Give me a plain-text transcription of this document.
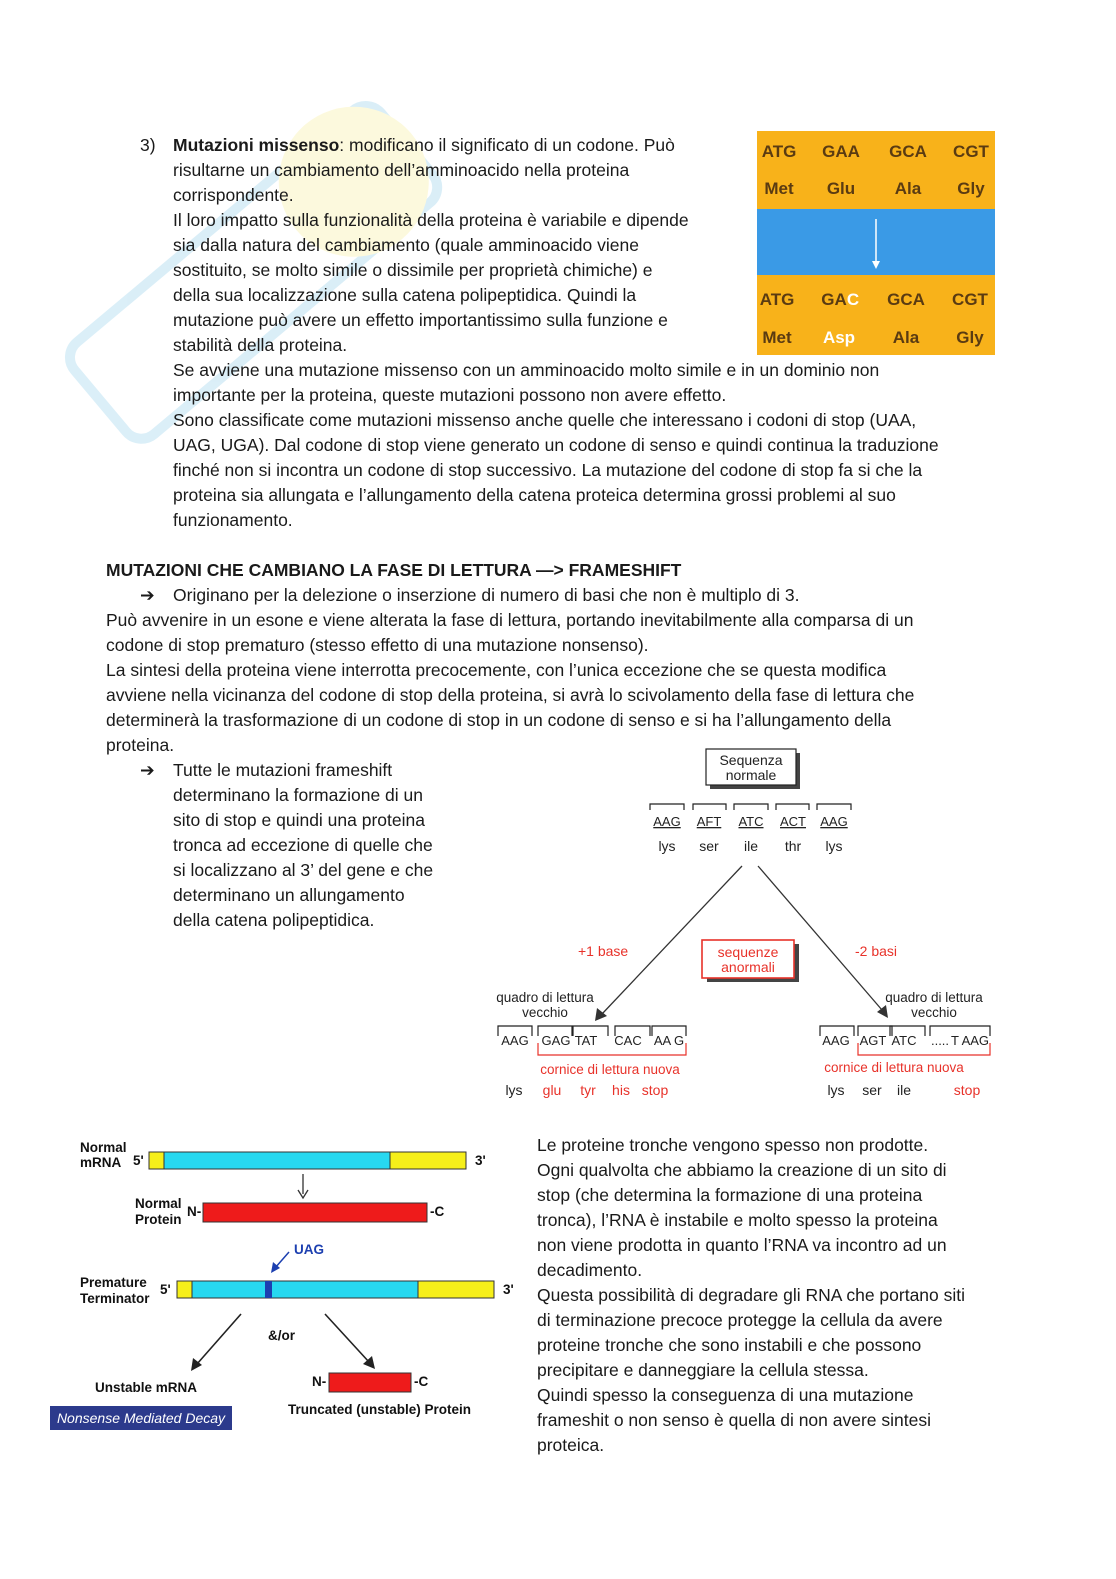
3) Mutazioni missenso: modificano il significato di un codone. Può
risultarne un cambiamento dell’amminoacido nella proteina
corrispondente.
Il loro impatto sulla funzionalità della proteina è variabile e dipende
sia dalla natura del cambiamento (quale amminoacido viene
sostituito, se molto simile o dissimile per proprietà chimiche) e
della sua localizzazione sulla catena polipeptidica. Quindi la
mutazione può avere un effetto importantissimo sulla funzione e
stabilità della proteina.
Se avviene una mutazione missenso con un amminoacido molto simile e in un dominio non
importante per la proteina, queste mutazioni possono non avere effetto.
Sono classificate come mutazioni missenso anche quelle che interessano i codoni di stop (UAA,
UAG, UGA). Dal codone di stop viene generato un codone di senso e quindi continua la traduzione
finché non si incontra un codone di stop successivo. La mutazione del codone di stop fa si che la
proteina sia allungata e l’allungamento della catena proteica determina grossi problemi al suo
funzionamento.
ATG GAA GCA CGT
Met Glu Ala Gly
ATG GA C GCA CGT
Met Asp Ala Gly
MUTAZIONI CHE CAMBIANO LA FASE DI LETTURA —> FRAMESHIFT
➔ Originano per la delezione o inserzione di numero di basi che non è multiplo di 3.
Può avvenire in un esone e viene alterata la fase di lettura, portando inevitabilmente alla comparsa di un
codone di stop prematuro (stesso effetto di una mutazione nonsenso).
La sintesi della proteina viene interrotta precocemente, con l’unica eccezione che se questa modifica
avviene nella vicinanza del codone di stop della proteina, si avrà lo scivolamento della fase di lettura che
determinerà la trasformazione di un codone di stop in un codone di senso e si ha l’allungamento della
proteina.
➔ Tutte le mutazioni frameshift
determinano la formazione di un
sito di stop e quindi una proteina
tronca ad eccezione di quelle che
si localizzano al 3’ del gene e che
determinano un allungamento
della catena polipeptidica.
Sequenza
normale
AAG AFT ATC ACT AAG
lys ser ile thr lys
+1 base	-2 basi
sequenze
anormali
quadro di lettura
vecchio
AAG GAG TAT CAC AA G
cornice di lettura nuova
lys glu tyr his stop
quadro di lettura
vecchio
AAG AGT ATC ..... T AAG
cornice di lettura nuova
lys ser ile	stop
Normal
mRNA 5'	3'
Normal
Protein
N-	-C
UAG
Premature
Terminator
5'	3'
&/or
Unstable mRNA
Nonsense Mediated Decay
N-	-C
Truncated (unstable) Protein
Le proteine tronche vengono spesso non prodotte.
Ogni qualvolta che abbiamo la creazione di un sito di
stop (che determina la formazione di una proteina
tronca), l’RNA è instabile e molto spesso la proteina
non viene prodotta in quanto l’RNA va incontro ad un
decadimento.
Questa possibilità di degradare gli RNA che portano siti
di terminazione precoce protegge la cellula da avere
proteine tronche che sono instabili e che possono
precipitare e danneggiare la cellula stessa.
Quindi spesso la conseguenza di una mutazione
frameshit o non senso è quella di non avere sintesi
proteica.
